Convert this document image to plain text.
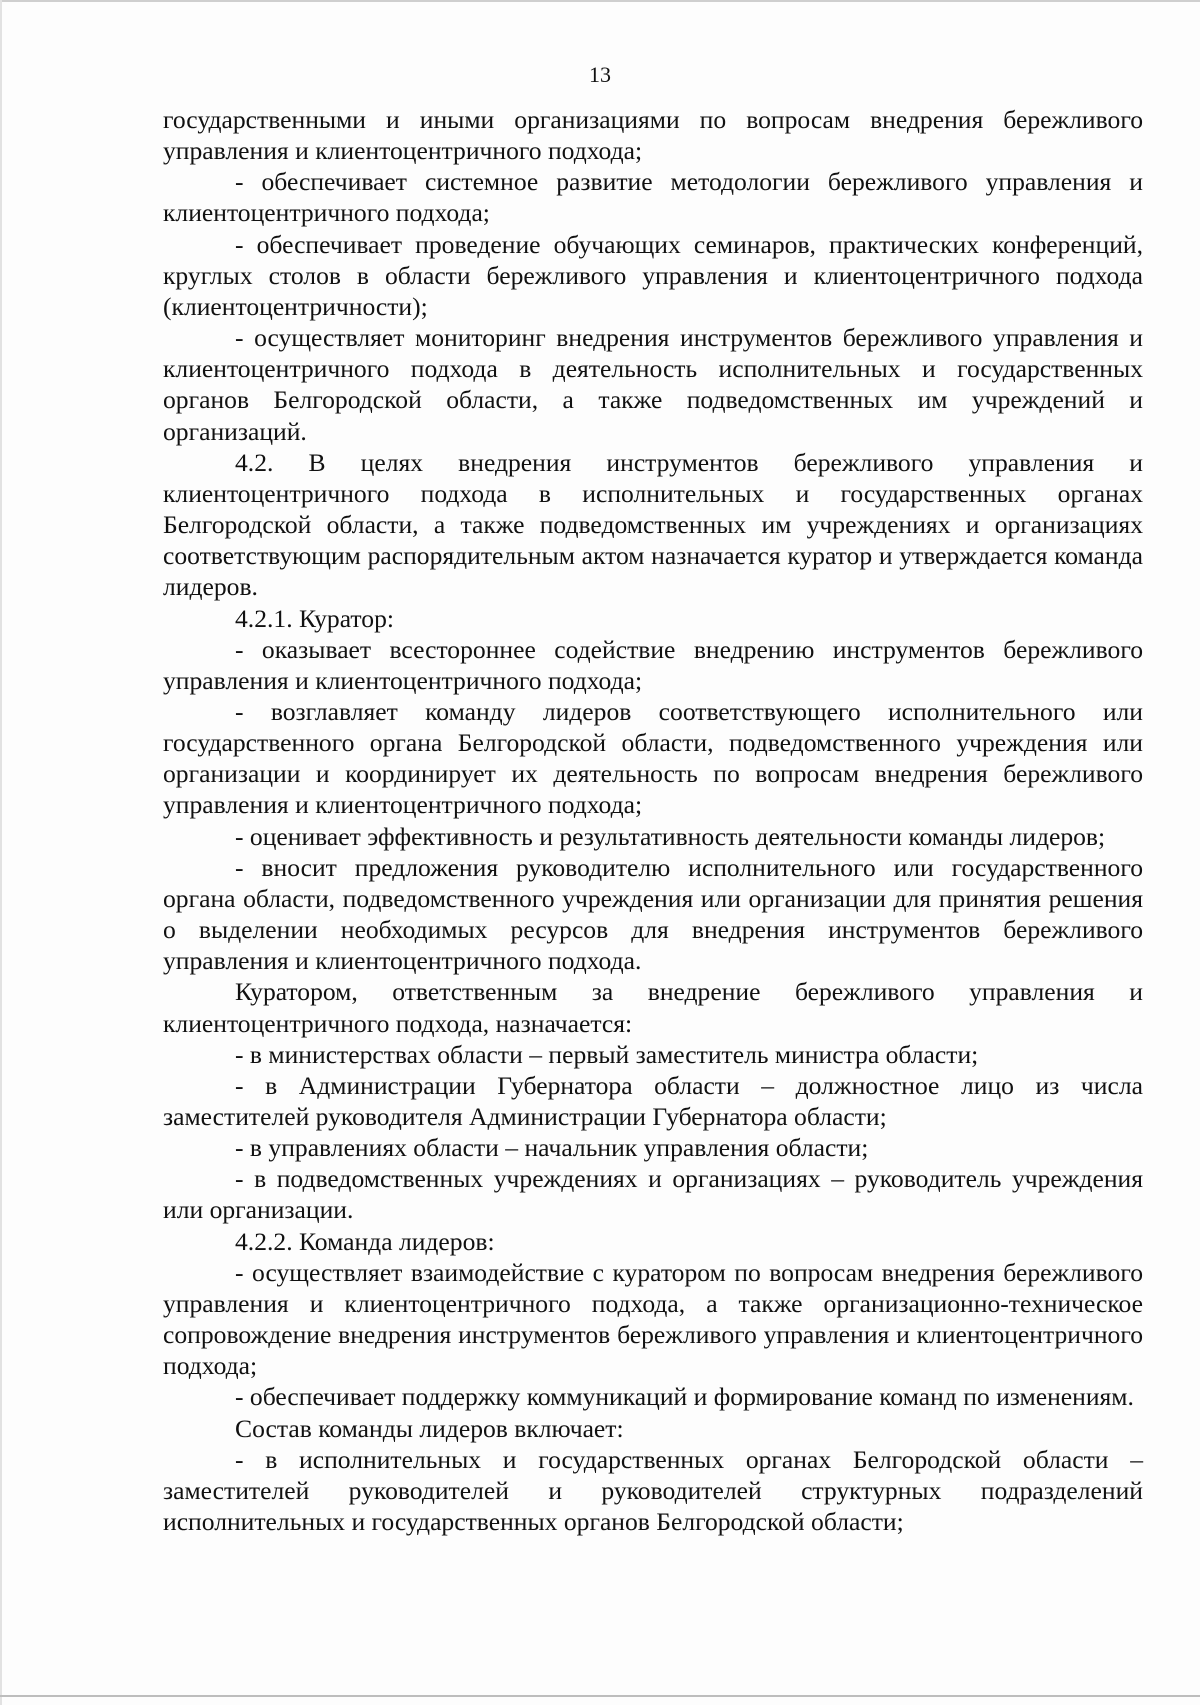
13

государственными и иными организациями по вопросам внедрения бережливого управления и клиентоцентричного подхода;

- обеспечивает системное развитие методологии бережливого управления и клиентоцентричного подхода;

- обеспечивает проведение обучающих семинаров, практических конференций, круглых столов в области бережливого управления и клиентоцентричного подхода (клиентоцентричности);

- осуществляет мониторинг внедрения инструментов бережливого управления и клиентоцентричного подхода в деятельность исполнительных и государственных органов Белгородской области, а также подведомственных им учреждений и организаций.

4.2. В целях внедрения инструментов бережливого управления и клиентоцентричного подхода в исполнительных и государственных органах Белгородской области, а также подведомственных им учреждениях и организациях соответствующим распорядительным актом назначается куратор и утверждается команда лидеров.

4.2.1. Куратор:

- оказывает всестороннее содействие внедрению инструментов бережливого управления и клиентоцентричного подхода;

- возглавляет команду лидеров соответствующего исполнительного или государственного органа Белгородской области, подведомственного учреждения или организации и координирует их деятельность по вопросам внедрения бережливого управления и клиентоцентричного подхода;

- оценивает эффективность и результативность деятельности команды лидеров;

- вносит предложения руководителю исполнительного или государственного органа области, подведомственного учреждения или организации для принятия решения о выделении необходимых ресурсов для внедрения инструментов бережливого управления и клиентоцентричного подхода.

Куратором, ответственным за внедрение бережливого управления и клиентоцентричного подхода, назначается:

- в министерствах области – первый заместитель министра области;

- в Администрации Губернатора области – должностное лицо из числа заместителей руководителя Администрации Губернатора области;

- в управлениях области – начальник управления области;

- в подведомственных учреждениях и организациях – руководитель учреждения или организации.

4.2.2. Команда лидеров:

- осуществляет взаимодействие с куратором по вопросам внедрения бережливого управления и клиентоцентричного подхода, а также организационно-техническое сопровождение внедрения инструментов бережливого управления и клиентоцентричного подхода;

- обеспечивает поддержку коммуникаций и формирование команд по изменениям.

Состав команды лидеров включает:

- в исполнительных и государственных органах Белгородской области – заместителей руководителей и руководителей структурных подразделений исполнительных и государственных органов Белгородской области;
